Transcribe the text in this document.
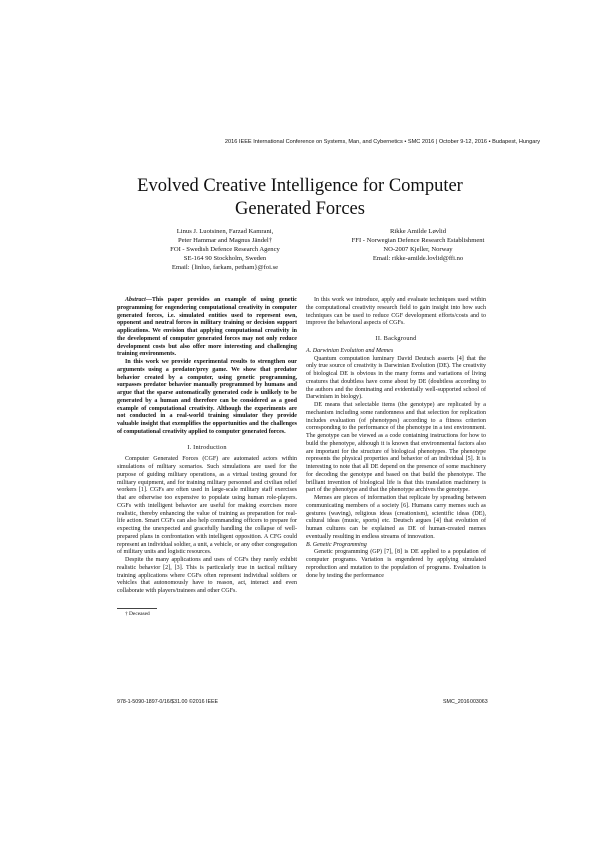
2016 IEEE International Conference on Systems, Man, and Cybernetics • SMC 2016 | October 9-12, 2016 • Budapest, Hungary
Evolved Creative Intelligence for Computer
Generated Forces
Linus J. Luotsinen, Farzad Kamrani,
Peter Hammar and Magnus Jändel†
FOI - Swedish Defence Research Agency
SE-164 90 Stockholm, Sweden
Email: {linluo, farkam, petham}@foi.se
Rikke Amilde Løvlid
FFI - Norwegian Defence Research Establishment
NO-2007 Kjeller, Norway
Email: rikke-amilde.lovlid@ffi.no

Abstract—This paper provides an example of using genetic programming for engendering computational creativity in computer generated forces, i.e. simulated entities used to represent own, opponent and neutral forces in military training or decision support applications. We envision that applying computational creativity in the development of computer generated forces may not only reduce development costs but also offer more interesting and challenging training environments.

In this work we provide experimental results to strengthen our arguments using a predator/prey game. We show that predator behavior created by a computer, using genetic programming, surpasses predator behavior manually programmed by humans and argue that the sparse automatically generated code is unlikely to be generated by a human and therefore can be considered as a good example of computational creativity. Although the experiments are not conducted in a real-world training simulator they provide valuable insight that exemplifies the opportunities and the challenges of computational creativity applied to computer generated forces.

I. Introduction

Computer Generated Forces (CGF) are automated actors within simulations of military scenarios. Such simulations are used for the purpose of guiding military operations, as a virtual testing ground for military equipment, and for training military personnel and civilian relief workers [1]. CGFs are often used in large-scale military staff exercises that are otherwise too expensive to populate using human role-players. CGFs with intelligent behavior are useful for making exercises more realistic, thereby enhancing the value of training as preparation for real-life action. Smart CGFs can also help commanding officers to prepare for expecting the unexpected and gracefully handling the collapse of well-prepared plans in confrontation with intelligent opposition. A CFG could represent an individual soldier, a unit, a vehicle, or any other congregation of military units and logistic resources.

Despite the many applications and uses of CGFs they rarely exhibit realistic behavior [2], [3]. This is particularly true in tactical military training applications where CGFs often represent individual soldiers or vehicles that autonomously have to reason, act, interact and even collaborate with players/trainees and other CGFs.

† Deceased

In this work we introduce, apply and evaluate techniques used within the computational creativity research field to gain insight into how such techniques can be used to reduce CGF development efforts/costs and to improve the behavioral aspects of CGFs.

II. Background

A. Darwinian Evolution and Memes

Quantum computation luminary David Deutsch asserts [4] that the only true source of creativity is Darwinian Evolution (DE). The creativity of biological DE is obvious in the many forms and variations of living creatures that doubtless have come about by DE (doubtless according to the authors and the dominating and evidentially well-supported school of Darwinism in biology).

DE means that selectable items (the genotype) are replicated by a mechanism including some randomness and that selection for replication includes evaluation (of phenotypes) according to a fitness criterion corresponding to the performance of the phenotype in a test environment. The genotype can be viewed as a code containing instructions for how to build the phenotype, although it is known that environmental factors also are important for the structure of biological phenotypes. The phenotype represents the physical properties and behavior of an individual [5]. It is interesting to note that all DE depend on the presence of some machinery for decoding the genotype and based on that build the phenotype. The brilliant invention of biological life is that this translation machinery is part of the phenotype and that the phenotype archives the genotype.

Memes are pieces of information that replicate by spreading between communicating members of a society [6]. Humans carry memes such as gestures (waving), religious ideas (creationism), scientific ideas (DE), cultural ideas (music, sports) etc. Deutsch argues [4] that evolution of human cultures can be explained as DE of human-created memes eventually resulting in endless streams of innovation.

B. Genetic Programming

Genetic programming (GP) [7], [8] is DE applied to a population of computer programs. Variation is engendered by applying simulated reproduction and mutation to the population of programs. Evaluation is done by testing the performance

978-1-5090-1897-0/16/$31.00 ©2016 IEEE	SMC_2016 003063
